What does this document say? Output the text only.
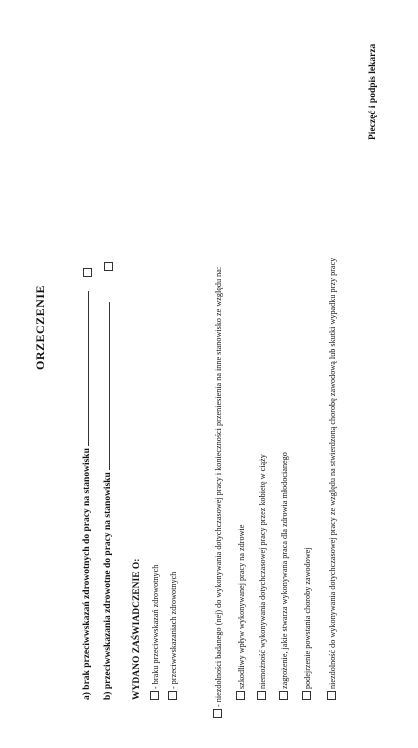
ORZECZENIE
a) brak przeciwwskazań zdrowotnych do pracy na stanowisku b) przeciwwskazania zdrowotne do pracy na stanowisku WYDANO ZAŚWIADCZENIE O: - braku przeciwwskazań zdrowotnych - przeciwwskazaniach zdrowotnych	- niezdolności badanego (nej) do wykonywania dotychczasowej pracy i konieczności przeniesienia na inne stanowisko ze względu na: szkodliwy wpływ wykonywanej pracy na zdrowie niemożność wykonywania dotychczasowej pracy przez kobietę w ciąży zagrożenie, jakie stwarza wykonywana praca dla zdrowia młodocianego podejrzenie powstania choroby zawodowej niezdolność do wykonywania dotychczasowej pracy ze względu na stwierdzoną chorobę zawodową lub skutki wypadku przy pracy
Pieczęć i podpis lekarza
